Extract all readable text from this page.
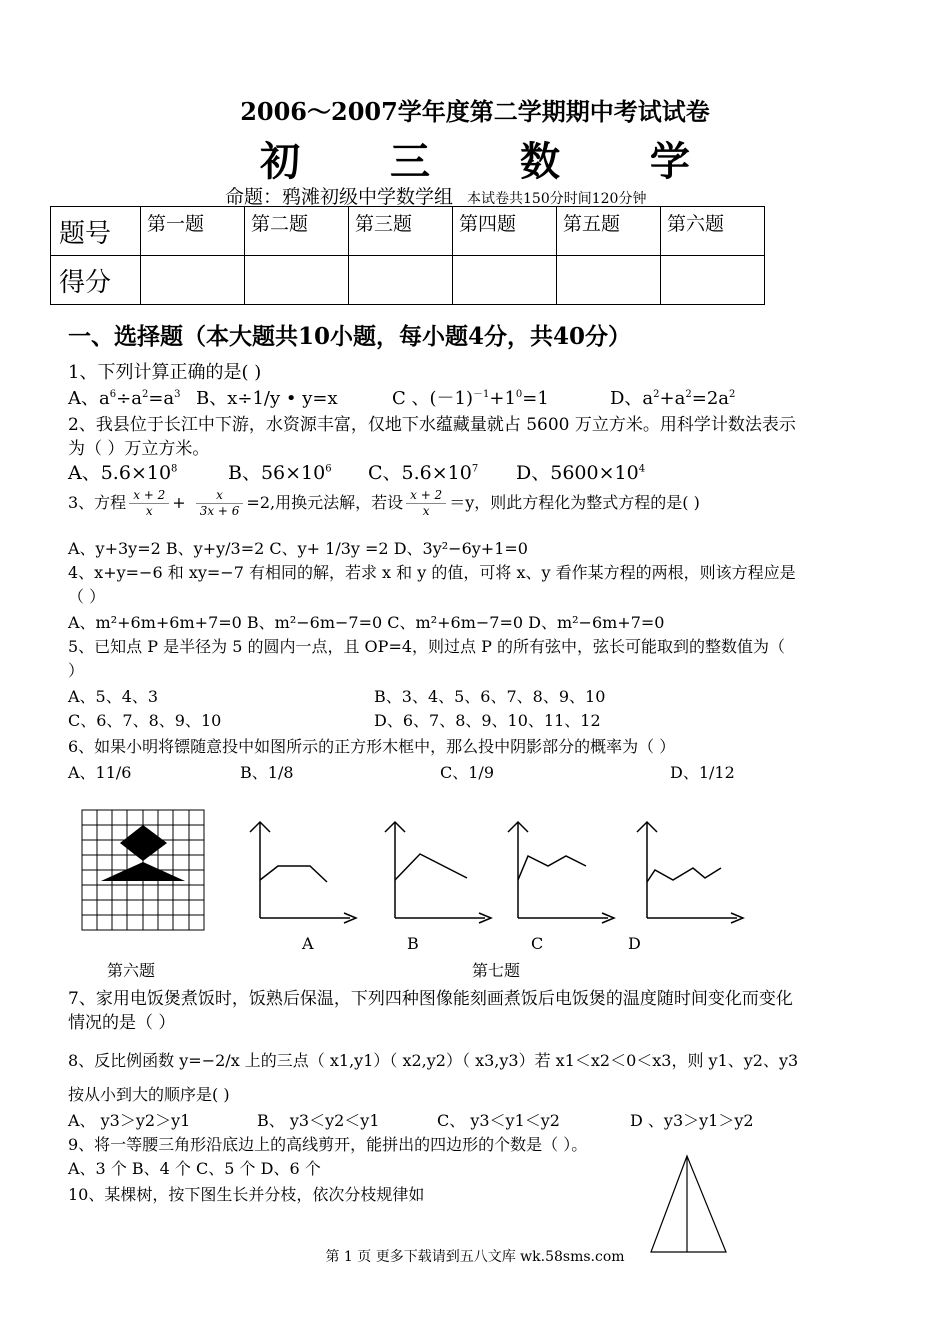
2006～2007学年度第二学期期中考试试卷
初 三 数 学
命题：鸦滩初级中学数学组 本试卷共150分时间120分钟
题号	第一题	第二题	第三题	第四题	第五题	第六题
得分						
一、选择题（本大题共10小题，每小题4分，共40分）
1、下列计算正确的是( )
A、$a^6\div a^2=a^3$ B、x÷1/y • y=x	C 、$(-1)^{-1}+1^0=1$	D、$a^2+a^2=2a^2$
2、我县位于长江中下游，水资源丰富，仅地下水蕴藏量就占 5600 万立方米。用科学计数法表示
为（ ）万立方米。
A、$5.6\times 10^8$	B、$56\times 10^6$ C、$5.6\times 10^7$ D、$5600\times 10^4$
3、方程 $\frac{x + 2}{x} + \frac{x}{3x + 6} =2$,用换元法解，若设 $\frac{x + 2}{x} =y$，则此方程化为整式方程的是( )
A、y+3y=2 B、y+y/3=2 C、y+ 1/3y =2 D、3y²−6y+1=0
4、x+y=−6 和 xy=−7 有相同的解，若求 x 和 y 的值，可将 x、y 看作某方程的两根，则该方程应是
（ ）
A、m²+6m+6m+7=0 B、m²−6m−7=0 C、m²+6m−7=0 D、m²−6m+7=0
5、已知点 P 是半径为 5 的圆内一点，且 OP=4，则过点 P 的所有弦中，弦长可能取到的整数值为（
）
A、5、4、3	B、3、4、5、6、7、8、9、10
C、6、7、8、9、10	D、6、7、8、9、10、11、12
6、如果小明将镖随意投中如图所示的正方形木框中，那么投中阴影部分的概率为（ ）
A、11/6	B、1/8	C、1/9	D、1/12
A	B	C	D
第六题	第七题
7、家用电饭煲煮饭时，饭熟后保温，下列四种图像能刻画煮饭后电饭煲的温度随时间变化而变化
情况的是（ ）
8、反比例函数 y=−2/x 上的三点（ x1,y1）（ x2,y2）（ x3,y3）若 x1＜x2＜0＜x3，则 y1、y2、y3
按从小到大的顺序是( )
A、 y3＞y2＞y1	B、 y3＜y2＜y1	C、 y3＜y1＜y2	D 、y3＞y1＞y2
9、将一等腰三角形沿底边上的高线剪开，能拼出的四边形的个数是（ ）。
A、3 个 B、4 个 C、5 个 D、6 个
10、某棵树，按下图生长并分枝，依次分枝规律如
第 1 页 更多下载请到五八文库 wk.58sms.com
